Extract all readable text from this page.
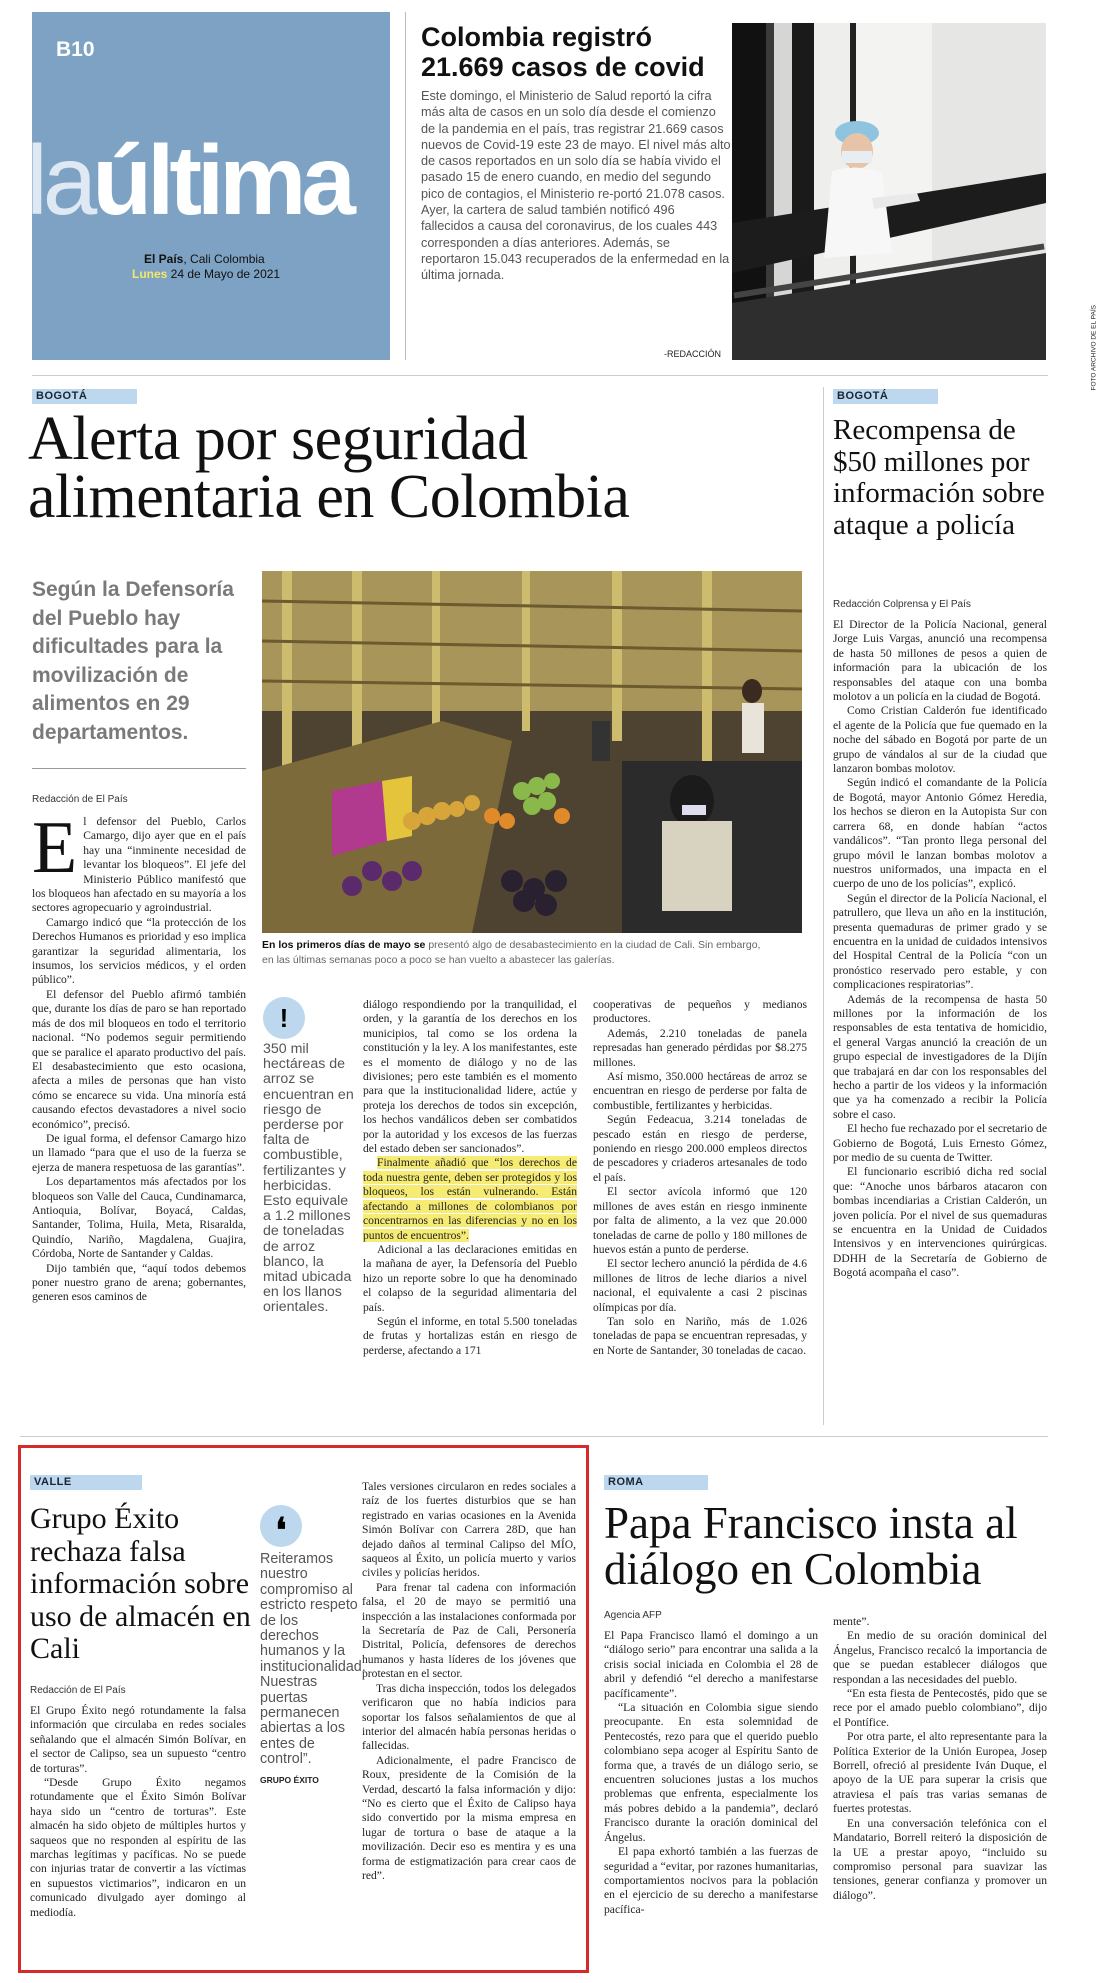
B10
laúltima
El País, Cali Colombia
Lunes 24 de Mayo de 2021
Colombia registró 21.669 casos de covid
Este domingo, el Ministerio de Salud reportó la cifra más alta de casos en un solo día desde el comienzo de la pandemia en el país, tras registrar 21.669 casos nuevos de Covid-19 este 23 de mayo. El nivel más alto de casos reportados en un solo día se había vivido el pasado 15 de enero cuando, en medio del segundo pico de contagios, el Ministerio re-portó 21.078 casos. Ayer, la cartera de salud también notificó 496 fallecidos a causa del coronavirus, de los cuales 443 corresponden a días anteriores. Además, se reportaron 15.043 recuperados de la enfermedad en la última jornada.
-REDACCIÓN	FOTO ARCHIVO DE EL PAÍS
BOGOTÁ
Alerta por seguridad alimentaria en Colombia
Según la Defensoría del Pueblo hay dificultades para la movilización de alimentos en 29 departamentos.
Redacción de El País
FOTO ARCHIVO EL PAÍS
En los primeros días de mayo se presentó algo de desabastecimiento en la ciudad de Cali. Sin embargo, en las últimas semanas poco a poco se han vuelto a abastecer las galerías.
E l defensor del Pueblo, Carlos Camargo, dijo ayer que en el país hay una “inminente necesidad de levantar los bloqueos”. El jefe del Ministerio Público manifestó que los bloqueos han afectado en su mayoría a los sectores agropecuario y agroindustrial.

Camargo indicó que “la protección de los Derechos Humanos es prioridad y eso implica garantizar la seguridad alimentaria, los insumos, los servicios médicos, y el orden público”.

El defensor del Pueblo afirmó también que, durante los días de paro se han reportado más de dos mil bloqueos en todo el territorio nacional. “No podemos seguir permitiendo que se paralice el aparato productivo del país. El desabastecimiento que esto ocasiona, afecta a miles de personas que han visto cómo se encarece su vida. Una minoría está causando efectos devastadores a nivel socio económico”, precisó.

De igual forma, el defensor Camargo hizo un llamado “para que el uso de la fuerza se ejerza de manera respetuosa de las garantías”.

Los departamentos más afectados por los bloqueos son Valle del Cauca, Cundinamarca, Antioquia, Bolívar, Boyacá, Caldas, Santander, Tolima, Huila, Meta, Risaralda, Quindío, Nariño, Magdalena, Guajira, Córdoba, Norte de Santander y Caldas.

Dijo también que, “aquí todos debemos poner nuestro grano de arena; gobernantes, generen esos caminos de

!
350 mil hectáreas de arroz se encuentran en riesgo de perderse por falta de combustible, fertilizantes y herbicidas. Esto equivale a 1.2 millones de toneladas de arroz blanco, la mitad ubicada en los llanos orientales.

diálogo respondiendo por la tranquilidad, el orden, y la garantía de los derechos en los municipios, tal como se los ordena la constitución y la ley. A los manifestantes, este es el momento de diálogo y no de las divisiones; pero este también es el momento para que la institucionalidad lidere, actúe y proteja los derechos de todos sin excepción, los hechos vandálicos deben ser combatidos por la autoridad y los excesos de las fuerzas del estado deben ser sancionados”.

Finalmente añadió que “los derechos de toda nuestra gente, deben ser protegidos y los bloqueos, los están vulnerando. Están afectando a millones de colombianos por concentrarnos en las diferencias y no en los puntos de encuentros”.

Adicional a las declaraciones emitidas en la mañana de ayer, la Defensoría del Pueblo hizo un reporte sobre lo que ha denominado el colapso de la seguridad alimentaria del país.

Según el informe, en total 5.500 toneladas de frutas y hortalizas están en riesgo de perderse, afectando a 171

cooperativas de pequeños y medianos productores.

Además, 2.210 toneladas de panela represadas han generado pérdidas por $8.275 millones.

Así mismo, 350.000 hectáreas de arroz se encuentran en riesgo de perderse por falta de combustible, fertilizantes y herbicidas.

Según Fedeacua, 3.214 toneladas de pescado están en riesgo de perderse, poniendo en riesgo 200.000 empleos directos de pescadores y criaderos artesanales de todo el país.

El sector avícola informó que 120 millones de aves están en riesgo inminente por falta de alimento, a la vez que 20.000 toneladas de carne de pollo y 180 millones de huevos están a punto de perderse.

El sector lechero anunció la pérdida de 4.6 millones de litros de leche diarios a nivel nacional, el equivalente a casi 2 piscinas olímpicas por día.

Tan solo en Nariño, más de 1.026 toneladas de papa se encuentran represadas, y en Norte de Santander, 30 toneladas de cacao.

BOGOTÁ
Recompensa de $50 millones por información sobre ataque a policía
Redacción Colprensa y El País

El Director de la Policía Nacional, general Jorge Luis Vargas, anunció una recompensa de hasta 50 millones de pesos a quien de información para la ubicación de los responsables del ataque con una bomba molotov a un policía en la ciudad de Bogotá.

Como Cristian Calderón fue identificado el agente de la Policía que fue quemado en la noche del sábado en Bogotá por parte de un grupo de vándalos al sur de la ciudad que lanzaron bombas molotov.

Según indicó el comandante de la Policía de Bogotá, mayor Antonio Gómez Heredia, los hechos se dieron en la Autopista Sur con carrera 68, en donde habían “actos vandálicos”. “Tan pronto llega personal del grupo móvil le lanzan bombas molotov a nuestros uniformados, una impacta en el cuerpo de uno de los policías”, explicó.

Según el director de la Policía Nacional, el patrullero, que lleva un año en la institución, presenta quemaduras de primer grado y se encuentra en la unidad de cuidados intensivos del Hospital Central de la Policía “con un pronóstico reservado pero estable, y con complicaciones respiratorias”.

Además de la recompensa de hasta 50 millones por la información de los responsables de esta tentativa de homicidio, el general Vargas anunció la creación de un grupo especial de investigadores de la Dijín que trabajará en dar con los responsables del hecho a partir de los videos y la información que ya ha comenzado a recibir la Policía sobre el caso.

El hecho fue rechazado por el secretario de Gobierno de Bogotá, Luis Ernesto Gómez, por medio de su cuenta de Twitter.

El funcionario escribió dicha red social que: “Anoche unos bárbaros atacaron con bombas incendiarias a Cristian Calderón, un joven policía. Por el nivel de sus quemaduras se encuentra en la Unidad de Cuidados Intensivos y en intervenciones quirúrgicas. DDHH de la Secretaría de Gobierno de Bogotá acompaña el caso”.

VALLE
Grupo Éxito rechaza falsa información sobre uso de almacén en Cali
Redacción de El País

El Grupo Éxito negó rotundamente la falsa información que circulaba en redes sociales señalando que el almacén Simón Bolívar, en el sector de Calipso, sea un supuesto “centro de torturas”.

“Desde Grupo Éxito negamos rotundamente que el Éxito Simón Bolívar haya sido un “centro de torturas”. Este almacén ha sido objeto de múltiples hurtos y saqueos que no responden al espíritu de las marchas legítimas y pacíficas. No se puede con injurias tratar de convertir a las víctimas en supuestos victimarios”, indicaron en un comunicado divulgado ayer domingo al mediodía.

❛
Reiteramos nuestro compromiso al estricto respeto de los derechos humanos y la institucionalidad. Nuestras puertas permanecen abiertas a los entes de control”.
GRUPO ÉXITO

Tales versiones circularon en redes sociales a raíz de los fuertes disturbios que se han registrado en varias ocasiones en la Avenida Simón Bolívar con Carrera 28D, que han dejado daños al terminal Calipso del MÍO, saqueos al Éxito, un policía muerto y varios civiles y policías heridos.

Para frenar tal cadena con información falsa, el 20 de mayo se permitió una inspección a las instalaciones conformada por la Secretaría de Paz de Cali, Personería Distrital, Policía, defensores de derechos humanos y hasta líderes de los jóvenes que protestan en el sector.

Tras dicha inspección, todos los delegados verificaron que no había indicios para soportar los falsos señalamientos de que al interior del almacén había personas heridas o fallecidas.

Adicionalmente, el padre Francisco de Roux, presidente de la Comisión de la Verdad, descartó la falsa información y dijo: “No es cierto que el Éxito de Calipso haya sido convertido por la misma empresa en lugar de tortura o base de ataque a la movilización. Decir eso es mentira y es una forma de estigmatización para crear caos de red”.

ROMA
Papa Francisco insta al diálogo en Colombia
Agencia AFP

El Papa Francisco llamó el domingo a un “diálogo serio” para encontrar una salida a la crisis social iniciada en Colombia el 28 de abril y defendió “el derecho a manifestarse pacíficamente”.

“La situación en Colombia sigue siendo preocupante. En esta solemnidad de Pentecostés, rezo para que el querido pueblo colombiano sepa acoger al Espíritu Santo de forma que, a través de un diálogo serio, se encuentren soluciones justas a los muchos problemas que enfrenta, especialmente los más pobres debido a la pandemia”, declaró Francisco durante la oración dominical del Ángelus.

El papa exhortó también a las fuerzas de seguridad a “evitar, por razones humanitarias, comportamientos nocivos para la población en el ejercicio de su derecho a manifestarse pacífica-

mente”.

En medio de su oración dominical del Ángelus, Francisco recalcó la importancia de que se puedan establecer diálogos que respondan a las necesidades del pueblo.

“En esta fiesta de Pentecostés, pido que se rece por el amado pueblo colombiano”, dijo el Pontífice.

Por otra parte, el alto representante para la Política Exterior de la Unión Europea, Josep Borrell, ofreció al presidente Iván Duque, el apoyo de la UE para superar la crisis que atraviesa el país tras varias semanas de fuertes protestas.

En una conversación telefónica con el Mandatario, Borrell reiteró la disposición de la UE a prestar apoyo, “incluido su compromiso personal para suavizar las tensiones, generar confianza y promover un diálogo”.
